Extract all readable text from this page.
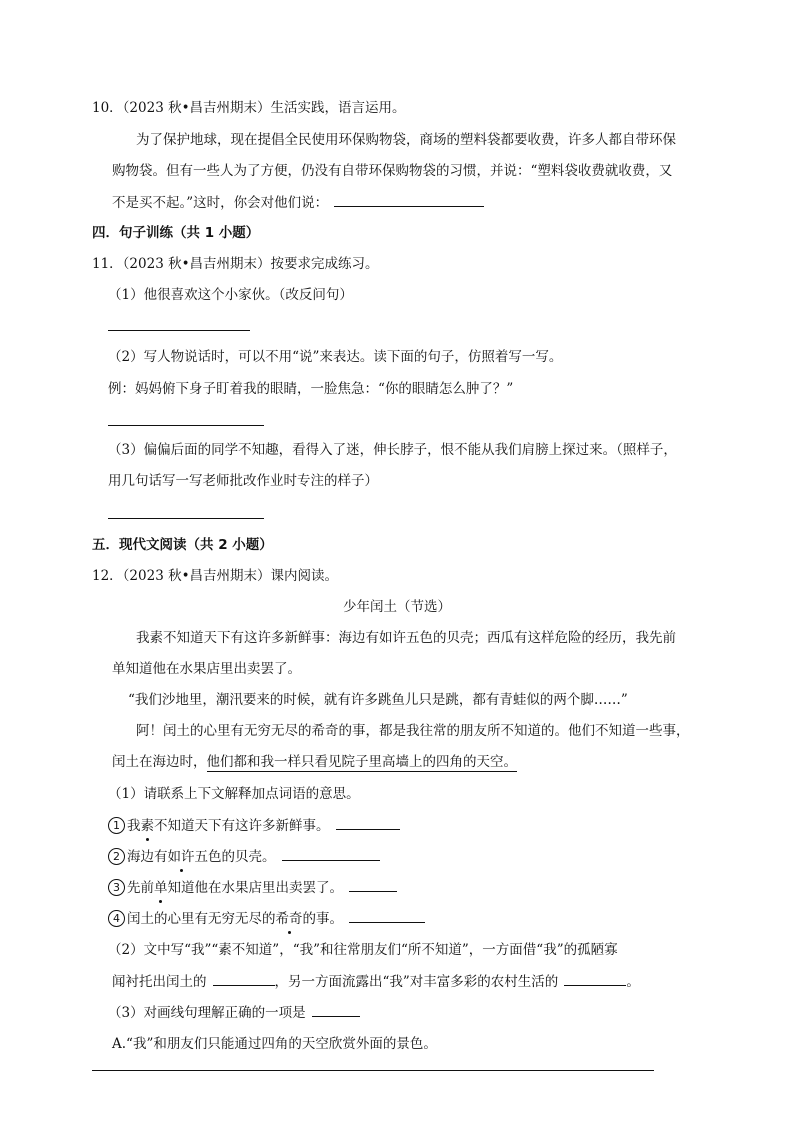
10．（2023 秋•昌吉州期末）生活实践，语言运用。
为了保护地球，现在提倡全民使用环保购物袋，商场的塑料袋都要收费，许多人都自带环保
购物袋。但有一些人为了方便，仍没有自带环保购物袋的习惯，并说：“塑料袋收费就收费，又
不是买不起。”这时，你会对他们说：
四．句子训练（共 1 小题）
11．（2023 秋•昌吉州期末）按要求完成练习。
（1）他很喜欢这个小家伙。（改反问句）
（2）写人物说话时，可以不用“说”来表达。读下面的句子，仿照着写一写。
例：妈妈俯下身子盯着我的眼睛，一脸焦急：“你的眼睛怎么肿了？”
（3）偏偏后面的同学不知趣，看得入了迷，伸长脖子，恨不能从我们肩膀上探过来。（照样子，
用几句话写一写老师批改作业时专注的样子）
五．现代文阅读（共 2 小题）
12．（2023 秋•昌吉州期末）课内阅读。
少年闰土（节选）
我素不知道天下有这许多新鲜事：海边有如许五色的贝壳；西瓜有这样危险的经历，我先前
单知道他在水果店里出卖罢了。
“我们沙地里，潮汛要来的时候，就有许多跳鱼儿只是跳，都有青蛙似的两个脚……”
阿！闰土的心里有无穷无尽的希奇的事，都是我往常的朋友所不知道的。他们不知道一些事，
闰土在海边时，他们都和我一样只看见院子里高墙上的四角的天空。
（1）请联系上下文解释加点词语的意思。
1 我素不知道天下有这许多新鲜事。
2 海边有如许五色的贝壳。
3 先前单知道他在水果店里出卖罢了。
4 闰土的心里有无穷无尽的希奇的事。
（2）文中写“我”“素不知道”，“我”和往常朋友们“所不知道”，一方面借“我”的孤陋寡
闻衬托出闰土的	，另一方面流露出“我”对丰富多彩的农村生活的	。
（3）对画线句理解正确的一项是
A.“我”和朋友们只能通过四角的天空欣赏外面的景色。
